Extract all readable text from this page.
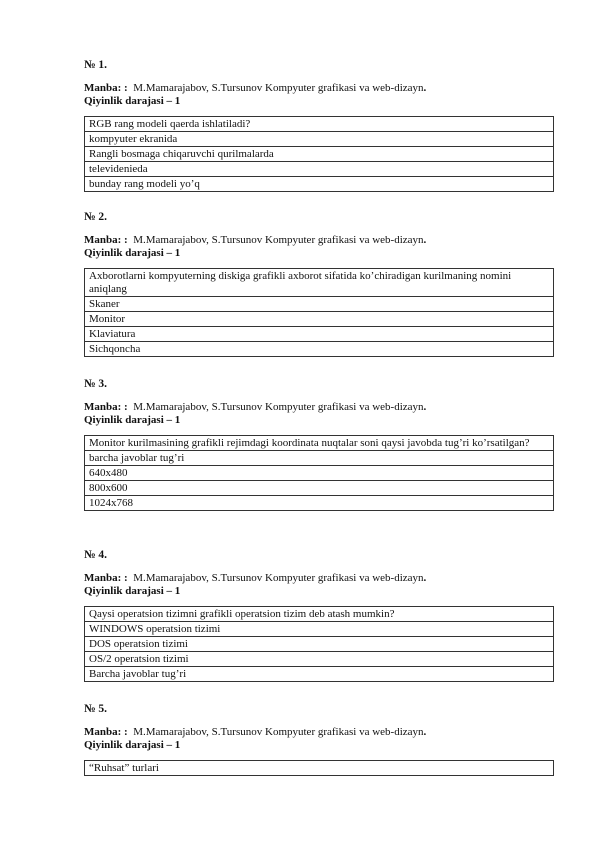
№ 1.

Manba: : M.Mamarajabov, S.Tursunov Kompyuter grafikasi va web-dizayn.
Qiyinlik darajasi – 1
RGB rang modeli qaerda ishlatiladi?
kompyuter ekranida
Rangli bosmaga chiqaruvchi qurilmalarda
televidenieda
bunday rang modeli yo’q

№ 2.

Manba: : M.Mamarajabov, S.Tursunov Kompyuter grafikasi va web-dizayn.
Qiyinlik darajasi – 1
Axborotlarni kompyuterning diskiga grafikli axborot sifatida ko’chiradigan kurilmaning nomini aniqlang
Skaner
Monitor
Klaviatura
Sichqoncha

№ 3.

Manba: : M.Mamarajabov, S.Tursunov Kompyuter grafikasi va web-dizayn.
Qiyinlik darajasi – 1
Monitor kurilmasining grafikli rejimdagi koordinata nuqtalar soni qaysi javobda tug’ri ko’rsatilgan?
barcha javoblar tug’ri
640x480
800x600
1024x768

№ 4.

Manba: : M.Mamarajabov, S.Tursunov Kompyuter grafikasi va web-dizayn.
Qiyinlik darajasi – 1
Qaysi operatsion tizimni grafikli operatsion tizim deb atash mumkin?
WINDOWS operatsion tizimi
DOS operatsion tizimi
OS/2 operatsion tizimi
Barcha javoblar tug’ri

№ 5.

Manba: : M.Mamarajabov, S.Tursunov Kompyuter grafikasi va web-dizayn.
Qiyinlik darajasi – 1
“Ruhsat” turlari
